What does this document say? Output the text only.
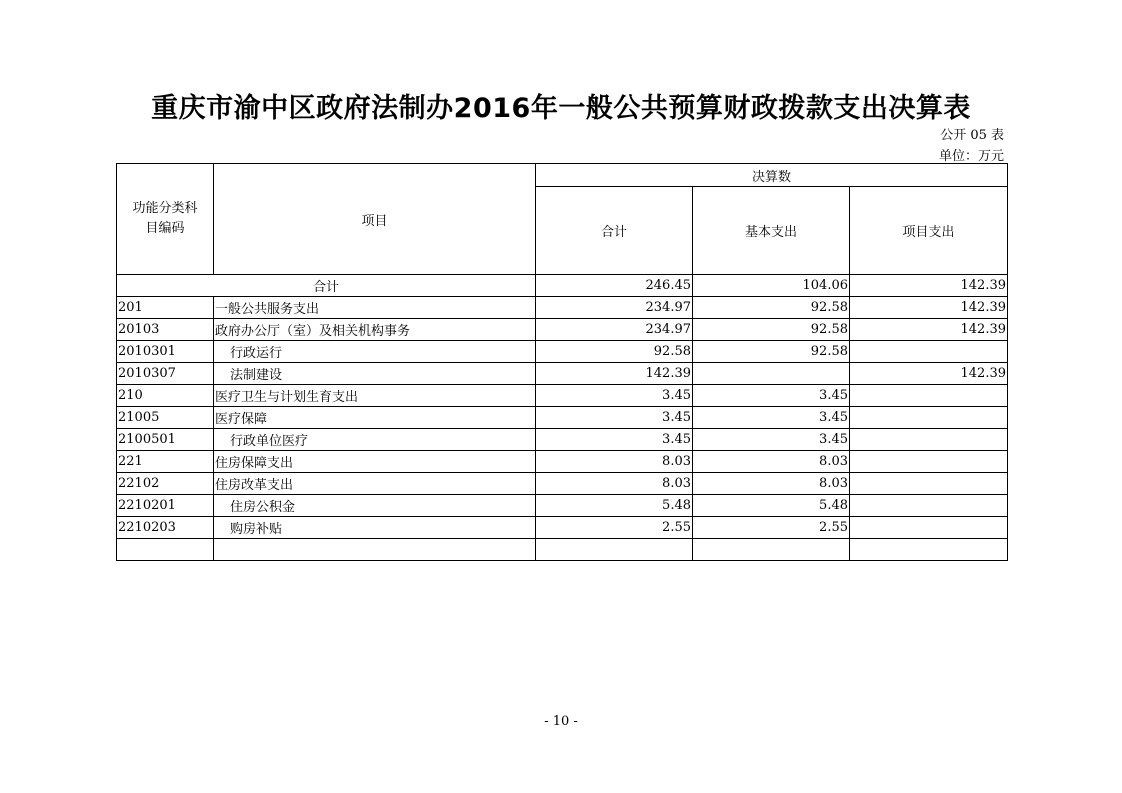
重庆市渝中区政府法制办2016年一般公共预算财政拨款支出决算表
公开 05 表
单位：万元
功能分类科目编码	项目	决算数		
		合计	基本支出	项目支出
合计		246.45	104.06	142.39
201	一般公共服务支出	234.97	92.58	142.39
20103	政府办公厅（室）及相关机构事务	234.97	92.58	142.39
2010301	行政运行	92.58	92.58	
2010307	法制建设	142.39		142.39
210	医疗卫生与计划生育支出	3.45	3.45	
21005	医疗保障	3.45	3.45	
2100501	行政单位医疗	3.45	3.45	
221	住房保障支出	8.03	8.03	
22102	住房改革支出	8.03	8.03	
2210201	住房公积金	5.48	5.48	
2210203	购房补贴	2.55	2.55	

- 10 -
